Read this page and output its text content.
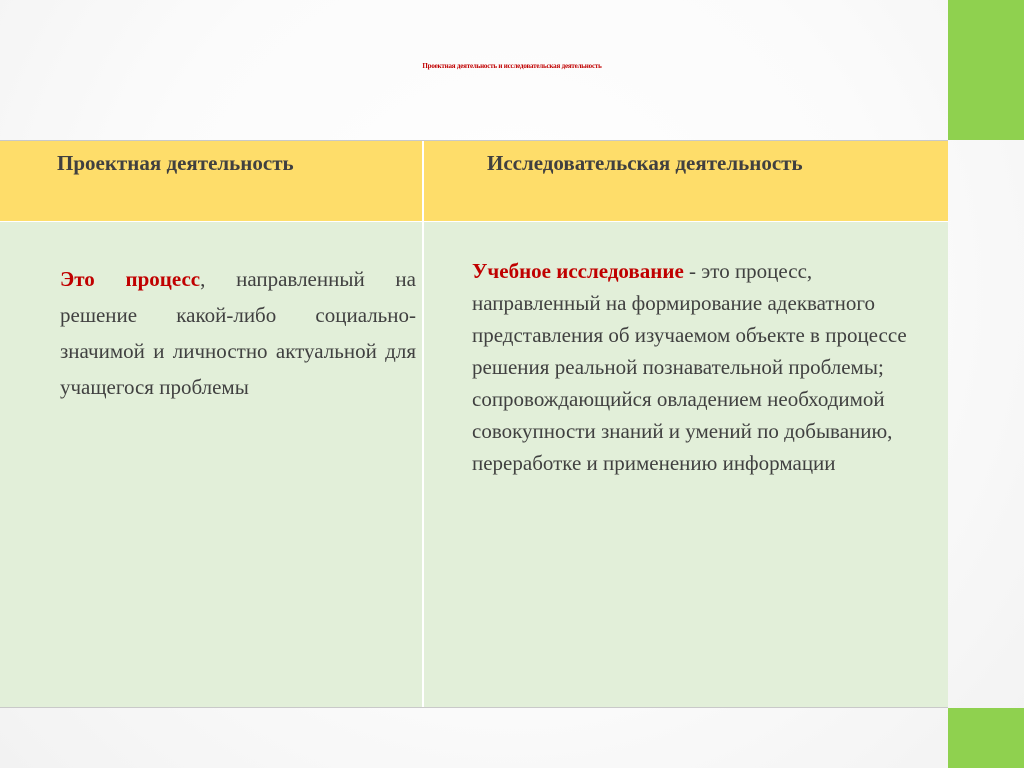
Проектная деятельность и исследовательская деятельность
Проектная деятельность	Исследовательская деятельность
Это процесс, направленный на решение какой-либо социально-значимой и личностно актуальной для учащегося проблемы
Учебное исследование - это процесс, направленный на формирование адекватного представления об изучаемом объекте в процессе решения реальной познавательной проблемы; сопровождающийся овладением необходимой совокупности знаний и умений по добыванию, переработке и применению информации
